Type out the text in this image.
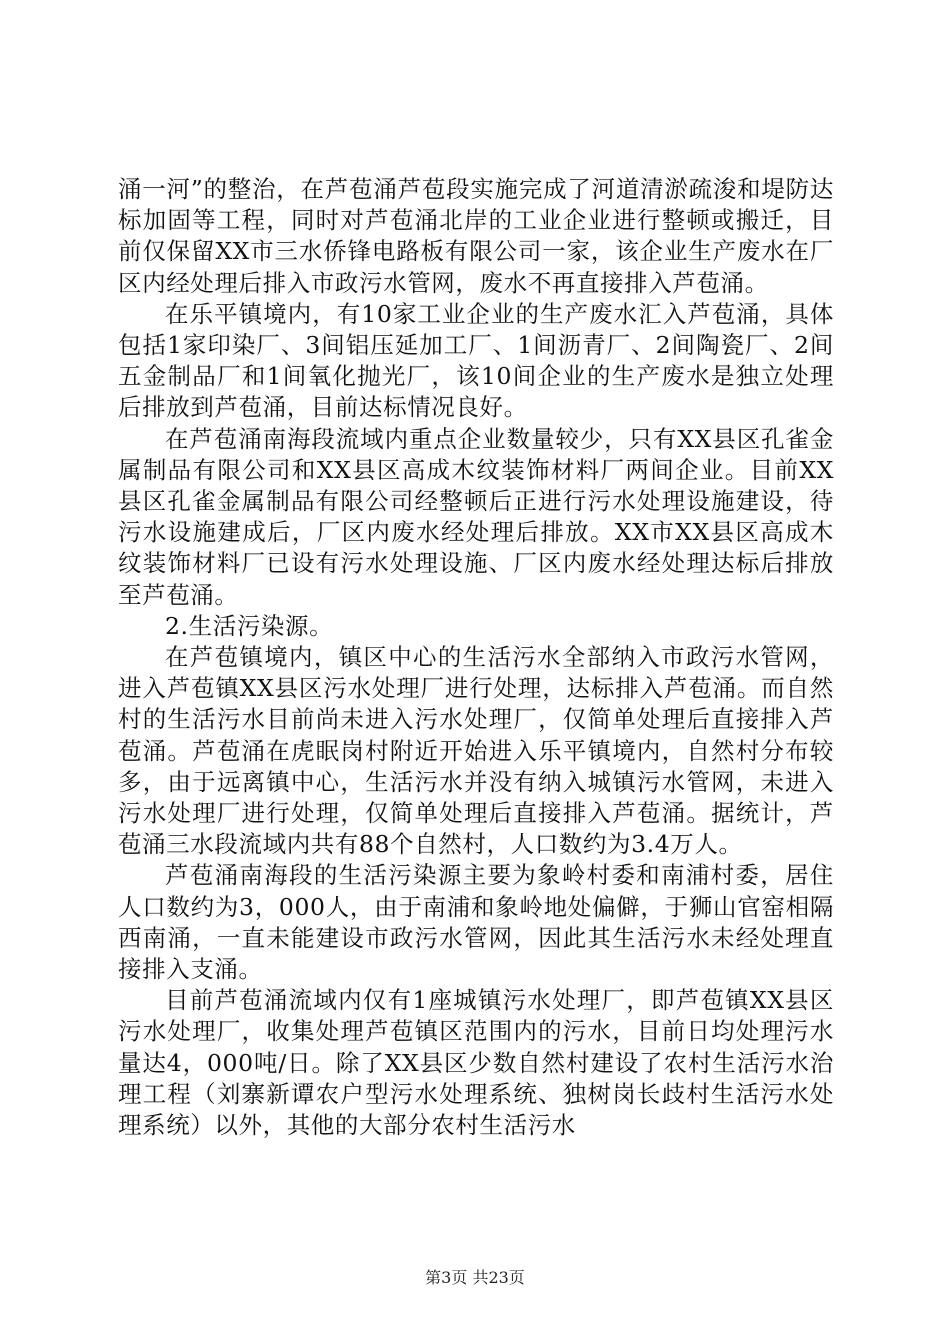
涌一河”的整治，在芦苞涌芦苞段实施完成了河道清淤疏浚和堤防达标加固等工程，同时对芦苞涌北岸的工业企业进行整顿或搬迁，目前仅保留XX市三水侨锋电路板有限公司一家，该企业生产废水在厂区内经处理后排入市政污水管网，废水不再直接排入芦苞涌。

在乐平镇境内，有10家工业企业的生产废水汇入芦苞涌，具体包括1家印染厂、3间铝压延加工厂、1间沥青厂、2间陶瓷厂、2间五金制品厂和1间氧化抛光厂，该10间企业的生产废水是独立处理后排放到芦苞涌，目前达标情况良好。

在芦苞涌南海段流域内重点企业数量较少，只有XX县区孔雀金属制品有限公司和XX县区高成木纹装饰材料厂两间企业。目前XX县区孔雀金属制品有限公司经整顿后正进行污水处理设施建设，待污水设施建成后，厂区内废水经处理后排放。XX市XX县区高成木纹装饰材料厂已设有污水处理设施、厂区内废水经处理达标后排放至芦苞涌。

2.生活污染源。

在芦苞镇境内，镇区中心的生活污水全部纳入市政污水管网，进入芦苞镇XX县区污水处理厂进行处理，达标排入芦苞涌。而自然村的生活污水目前尚未进入污水处理厂，仅简单处理后直接排入芦苞涌。芦苞涌在虎眠岗村附近开始进入乐平镇境内，自然村分布较多，由于远离镇中心，生活污水并没有纳入城镇污水管网，未进入污水处理厂进行处理，仅简单处理后直接排入芦苞涌。据统计，芦苞涌三水段流域内共有88个自然村，人口数约为3.4万人。

芦苞涌南海段的生活污染源主要为象岭村委和南浦村委，居住人口数约为3，000人，由于南浦和象岭地处偏僻，于狮山官窑相隔西南涌，一直未能建设市政污水管网，因此其生活污水未经处理直接排入支涌。

目前芦苞涌流域内仅有1座城镇污水处理厂，即芦苞镇XX县区污水处理厂，收集处理芦苞镇区范围内的污水，目前日均处理污水量达4，000吨/日。除了XX县区少数自然村建设了农村生活污水治理工程（刘寨新谭农户型污水处理系统、独树岗长歧村生活污水处理系统）以外，其他的大部分农村生活污水

第3页 共23页
